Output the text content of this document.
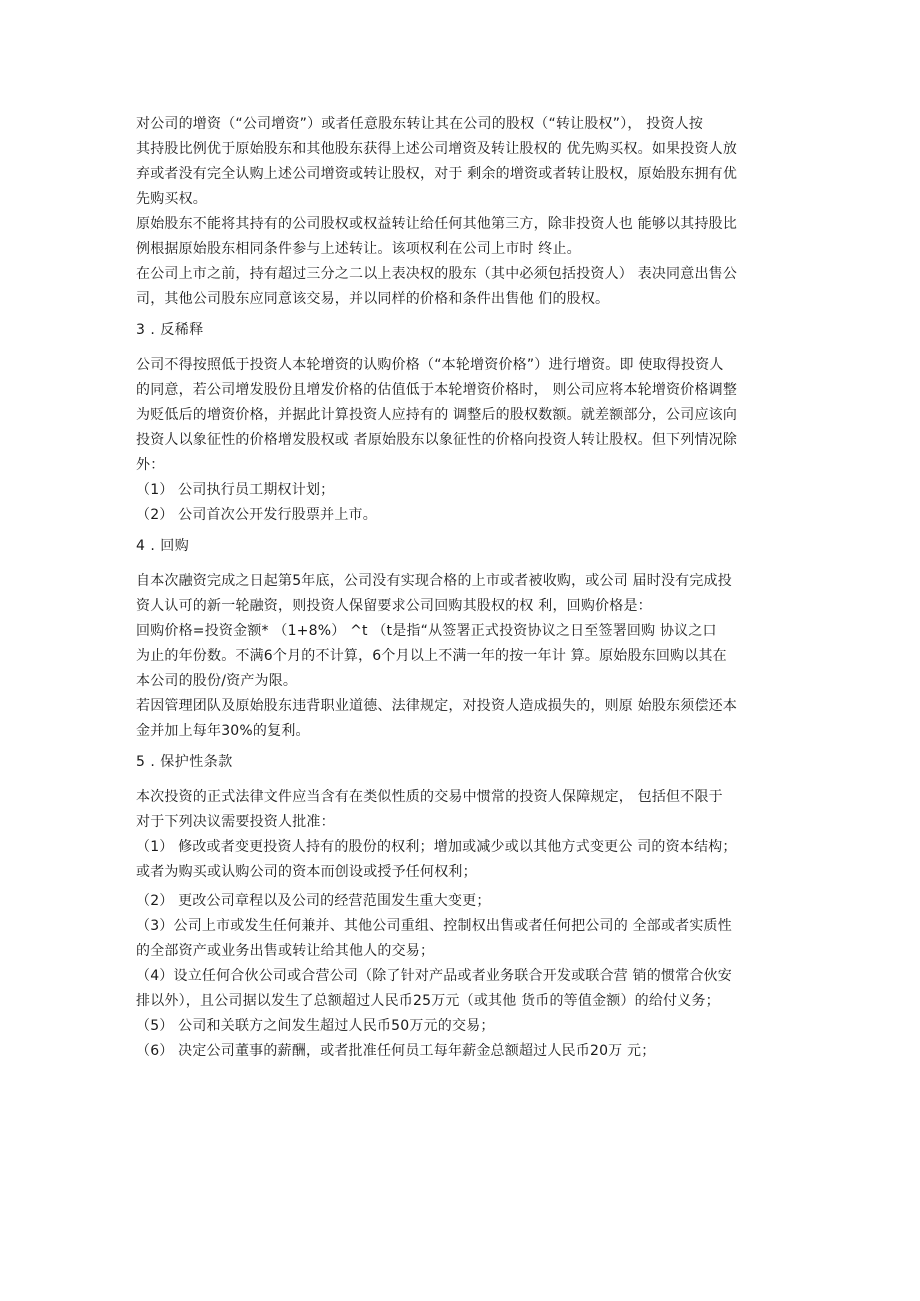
对公司的增资（“公司增资”）或者任意股东转让其在公司的股权（“转让股权”）， 投资人按
其持股比例优于原始股东和其他股东获得上述公司增资及转让股权的 优先购买权。如果投资人放
弃或者没有完全认购上述公司增资或转让股权，对于 剩余的增资或者转让股权，原始股东拥有优
先购买权。
原始股东不能将其持有的公司股权或权益转让给任何其他第三方，除非投资人也 能够以其持股比
例根据原始股东相同条件参与上述转让。该项权利在公司上市时 终止。
在公司上市之前，持有超过三分之二以上表决权的股东（其中必须包括投资人） 表决同意出售公
司，其他公司股东应同意该交易，并以同样的价格和条件出售他 们的股权。
3 . 反稀释
公司不得按照低于投资人本轮增资的认购价格（“本轮增资价格”）进行增资。即 使取得投资人
的同意，若公司增发股份且增发价格的估值低于本轮增资价格时， 则公司应将本轮增资价格调整
为贬低后的增资价格，并据此计算投资人应持有的 调整后的股权数额。就差额部分，公司应该向
投资人以象征性的价格增发股权或 者原始股东以象征性的价格向投资人转让股权。但下列情况除
外：
（1） 公司执行员工期权计划；
（2） 公司首次公开发行股票并上市。
4 . 回购
自本次融资完成之日起第5年底，公司没有实现合格的上市或者被收购，或公司 届时没有完成投
资人认可的新一轮融资，则投资人保留要求公司回购其股权的权 利，回购价格是：
回购价格=投资金额* （1+8%） ^t （t是指“从签署正式投资协议之日至签署回购 协议之口
为止的年份数。不满6个月的不计算，6个月以上不满一年的按一年计 算。原始股东回购以其在
本公司的股份/资产为限。
若因管理团队及原始股东违背职业道德、法律规定，对投资人造成损失的，则原 始股东须偿还本
金并加上每年30%的复利。
5 . 保护性条款
本次投资的正式法律文件应当含有在类似性质的交易中惯常的投资人保障规定， 包括但不限于
对于下列决议需要投资人批准：
（1） 修改或者变更投资人持有的股份的权利；增加或减少或以其他方式变更公 司的资本结构；
或者为购买或认购公司的资本而创设或授予任何权利；
（2） 更改公司章程以及公司的经营范围发生重大变更；
（3）公司上市或发生任何兼并、其他公司重组、控制权出售或者任何把公司的 全部或者实质性
的全部资产或业务出售或转让给其他人的交易；
（4）设立任何合伙公司或合营公司（除了针对产品或者业务联合开发或联合营 销的惯常合伙安
排以外），且公司据以发生了总额超过人民币25万元（或其他 货币的等值金额）的给付义务；
（5） 公司和关联方之间发生超过人民币50万元的交易；
（6） 决定公司董事的薪酬，或者批准任何员工每年薪金总额超过人民币20万 元；
